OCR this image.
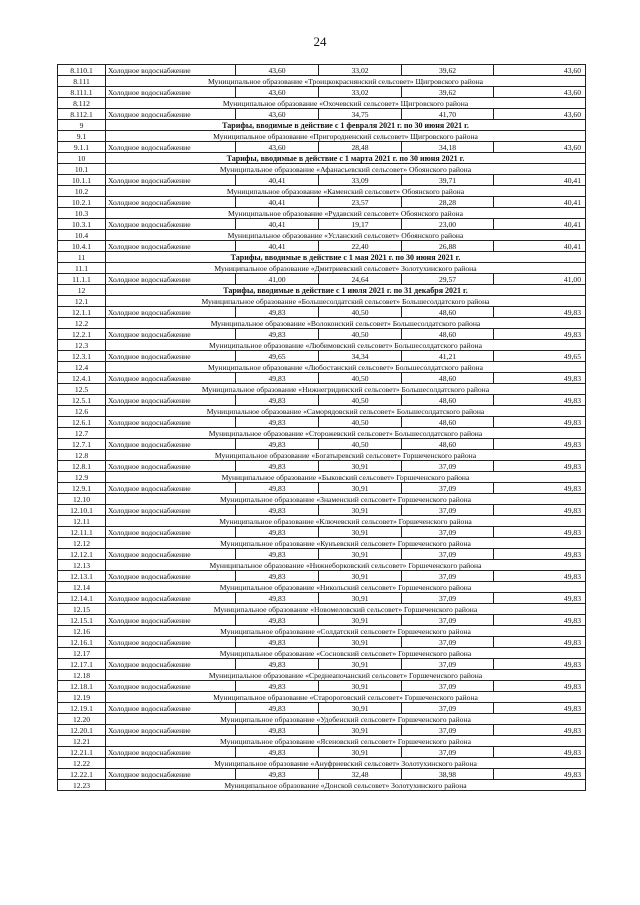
24
8.110.1	Холодное водоснабжение	43,60	33,02	39,62	43,60
8.111	Муниципальное образование «Троицкокраснянский сельсовет» Щигровского района				
8.111.1	Холодное водоснабжение	43,60	33,02	39,62	43,60
8.112	Муниципальное образование «Охочевский сельсовет» Щигровского района				
8.112.1	Холодное водоснабжение	43,60	34,75	41,70	43,60
9	Тарифы, вводимые в действие с 1 февраля 2021 г. по 30 июня 2021 г.				
9.1	Муниципальное образование «Пригородненский сельсовет» Щигровского района				
9.1.1	Холодное водоснабжение	43,60	28,48	34,18	43,60
10	Тарифы, вводимые в действие с 1 марта 2021 г. по 30 июня 2021 г.				
10.1	Муниципальное образование «Афанасьевский сельсовет» Обоянского района				
10.1.1	Холодное водоснабжение	40,41	33,09	39,71	40,41
10.2	Муниципальное образование «Каменский сельсовет» Обоянского района				
10.2.1	Холодное водоснабжение	40,41	23,57	28,28	40,41
10.3	Муниципальное образование «Рудавский сельсовет» Обоянского района				
10.3.1	Холодное водоснабжение	40,41	19,17	23,00	40,41
10.4	Муниципальное образование «Усланский сельсовет» Обоянского района				
10.4.1	Холодное водоснабжение	40,41	22,40	26,88	40,41
11	Тарифы, вводимые в действие с 1 мая 2021 г. по 30 июня 2021 г.				
11.1	Муниципальное образование «Дмитриевский сельсовет» Золотухинского района				
11.1.1	Холодное водоснабжение	41,00	24,64	29,57	41,00
12	Тарифы, вводимые в действие с 1 июля 2021 г. по 31 декабря 2021 г.				
12.1	Муниципальное образование «Большесолдатский сельсовет» Большесолдатского района				
12.1.1	Холодное водоснабжение	49,83	40,50	48,60	49,83
12.2	Муниципальное образование «Волоконский сельсовет» Большесолдатского района				
12.2.1	Холодное водоснабжение	49,83	40,50	48,60	49,83
12.3	Муниципальное образование «Любимовский сельсовет» Большесолдатского района				
12.3.1	Холодное водоснабжение	49,65	34,34	41,21	49,65
12.4	Муниципальное образование «Любостанский сельсовет» Большесолдатского района				
12.4.1	Холодное водоснабжение	49,83	40,50	48,60	49,83
12.5	Муниципальное образование «Нижнегридинский сельсовет» Большесолдатского района				
12.5.1	Холодное водоснабжение	49,83	40,50	48,60	49,83
12.6	Муниципальное образование «Саморядовский сельсовет» Большесолдатского района				
12.6.1	Холодное водоснабжение	49,83	40,50	48,60	49,83
12.7	Муниципальное образование «Сторожевский сельсовет» Большесолдатского района				
12.7.1	Холодное водоснабжение	49,83	40,50	48,60	49,83
12.8	Муниципальное образование «Богатыревский сельсовет» Горшеченского района				
12.8.1	Холодное водоснабжение	49,83	30,91	37,09	49,83
12.9	Муниципальное образование «Быковский сельсовет» Горшеченского района				
12.9.1	Холодное водоснабжение	49,83	30,91	37,09	49,83
12.10	Муниципальное образование «Знаменский сельсовет» Горшеченского района				
12.10.1	Холодное водоснабжение	49,83	30,91	37,09	49,83
12.11	Муниципальное образование «Ключевский сельсовет» Горшеченского района				
12.11.1	Холодное водоснабжение	49,83	30,91	37,09	49,83
12.12	Муниципальное образование «Кунъевский сельсовет» Горшеченского района				
12.12.1	Холодное водоснабжение	49,83	30,91	37,09	49,83
12.13	Муниципальное образование «Нижнеборковский сельсовет» Горшеченского района				
12.13.1	Холодное водоснабжение	49,83	30,91	37,09	49,83
12.14	Муниципальное образование «Никольский сельсовет» Горшеченского района				
12.14.1	Холодное водоснабжение	49,83	30,91	37,09	49,83
12.15	Муниципальное образование «Новомеловский сельсовет» Горшеченского района				
12.15.1	Холодное водоснабжение	49,83	30,91	37,09	49,83
12.16	Муниципальное образование «Солдатский сельсовет» Горшеченского района				
12.16.1	Холодное водоснабжение	49,83	30,91	37,09	49,83
12.17	Муниципальное образование «Сосновский сельсовет» Горшеченского района				
12.17.1	Холодное водоснабжение	49,83	30,91	37,09	49,83
12.18	Муниципальное образование «Среднеапочанский сельсовет» Горшеченского района				
12.18.1	Холодное водоснабжение	49,83	30,91	37,09	49,83
12.19	Муниципальное образование «Старороговский сельсовет» Горшеченского района				
12.19.1	Холодное водоснабжение	49,83	30,91	37,09	49,83
12.20	Муниципальное образование «Удобенский сельсовет» Горшеченского района				
12.20.1	Холодное водоснабжение	49,83	30,91	37,09	49,83
12.21	Муниципальное образование «Ясеновский сельсовет» Горшеченского района				
12.21.1	Холодное водоснабжение	49,83	30,91	37,09	49,83
12.22	Муниципальное образование «Ануфриевский сельсовет» Золотухинского района				
12.22.1	Холодное водоснабжение	49,83	32,48	38,98	49,83
12.23	Муниципальное образование «Донской сельсовет» Золотухинского района				
